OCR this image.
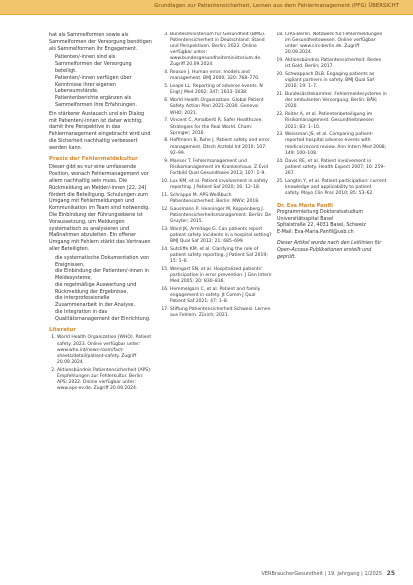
Grundlagen zur Patientensicherheit, Lernen aus dem Fehlermanagement (PFG) ÜBERSICHT

hat als Sammelformen sowie als Sammelformen der Versorgung benötigen als Sammelformen ihr Engagement.

• Patienten/-innen sind als Sammelformen der Versorgung beteiligt.
• Patienten/-innen verfügen über Kenntnisse ihrer eigenen Lebensumstände.
• Patientenberichte ergänzen als Sammelformen ihre Erfahrungen.

Ein stärkerer Austausch und ein Dialog mit Patienten/-innen ist daher wichtig, damit ihre Perspektive in das Fehlermanagement eingebracht wird und die Sicherheit nachhaltig verbessert werden kann.

Praxis der Fehlermeldekultur

Dieser gibt es nur eine umfassende Position, wonach Fehlermanagement vor allem nachhaltig sein muss. Die Rückmeldung an Melder/-innen [22, 24] fördert die Beteiligung. Schulungen zum Umgang mit Fehlermeldungen und Kommunikation im Team sind notwendig. Die Einbindung der Führungsebene ist Voraussetzung, um Meldungen systematisch zu analysieren und Maßnahmen abzuleiten. Ein offener Umgang mit Fehlern stärkt das Vertrauen aller Beteiligten.

• die systematische Dokumentation von Ereignissen,
• die Einbindung der Patienten/-innen in Meldesysteme,
• die regelmäßige Auswertung und Rückmeldung der Ergebnisse,
• die interprofessionelle Zusammenarbeit in der Analyse,
• die Integration in das Qualitätsmanagement der Einrichtung.
Literatur
1. World Health Organization (WHO). Patient safety. 2023. Online verfügbar unter: www.who.int/news-room/fact-sheets/detail/patient-safety. Zugriff 20.09.2024.
2. Aktionsbündnis Patientensicherheit (APS). Empfehlungen zur Fehlerkultur. Berlin: APS; 2022. Online verfügbar unter: www.aps-ev.de. Zugriff 20.09.2024.
3. Bundesministerium für Gesundheit (BMG). Patientensicherheit in Deutschland: Stand und Perspektiven. Berlin; 2022. Online verfügbar unter: www.bundesgesundheitsministerium.de. Zugriff 20.09.2024.
4. Reason J. Human error: models and management. BMJ 2000; 320: 768–770.
5. Leape LL. Reporting of adverse events. N Engl J Med 2002; 347: 1633–1638.
6. World Health Organization. Global Patient Safety Action Plan 2021–2030. Geneva: WHO; 2021.
7. Vincent C, Amalberti R. Safer Healthcare. Strategies for the Real World. Cham: Springer; 2016.
8. Hoffmann B, Rohe J. Patient safety and error management. Dtsch Arztebl Int 2010; 107: 92–99.
9. Manser T. Fehlermanagement und Risikomanagement im Krankenhaus. Z Evid Fortbild Qual Gesundhwes 2013; 107: 1–9.
10. Lux KM, et al. Patient involvement in safety reporting. J Patient Saf 2020; 16: 12–18.
11. Schrappe M. APS-Weißbuch Patientensicherheit. Berlin: MWV; 2018.
12. Gausmann P, Henninger M, Koppenberg J. Patientensicherheitsmanagement. Berlin: De Gruyter; 2015.
13. Ward JK, Armitage G. Can patients report patient safety incidents in a hospital setting? BMJ Qual Saf 2012; 21: 685–699.
14. Sutcliffe KM, et al. Clarifying the role of patient safety reporting. J Patient Saf 2019; 15: 1–6.
15. Weingart SN, et al. Hospitalized patients' participation in error prevention. J Gen Intern Med 2005; 20: 830–836.
16. Hemmelgarn C, et al. Patient and family engagement in safety. Jt Comm J Qual Patient Saf 2021; 47: 1–8.
17. Stiftung Patientensicherheit Schweiz. Lernen aus Fehlern. Zürich; 2021.
18. CIRS-Berlin. Netzwerk für Fehlermeldungen im Gesundheitswesen. Online verfügbar unter: www.cirs-berlin.de. Zugriff 20.09.2024.
19. Aktionsbündnis Patientensicherheit. Reden ist Gold. Berlin; 2017.
20. Schwappach DLB. Engaging patients as vigilant partners in safety. BMJ Qual Saf 2010; 19: 1–7.
21. Bundesärztekammer. Fehlermeldesysteme in der ambulanten Versorgung. Berlin: BÄK; 2020.
22. Reiter A, et al. Patientenbeteiligung im Risikomanagement. Gesundheitswesen 2021; 83: 1–10.
23. Weissman JS, et al. Comparing patient-reported hospital adverse events with medical record review. Ann Intern Med 2008; 149: 100–108.
24. Davis RE, et al. Patient involvement in patient safety. Health Expect 2007; 10: 259–267.
25. Longtin Y, et al. Patient participation: current knowledge and applicability to patient safety. Mayo Clin Proc 2010; 85: 53–62.
Dr. Eva Maria Panfil
Programmleitung Doktoratsstudium
Universitätsspital Basel
Spitalstraße 22, 4031 Basel, Schweiz
E-Mail: Eva-Maria.Panfil@usb.ch
Dieser Artikel wurde nach den Leitlinien für Open-Access-Publikationen erstellt und geprüft.
VERBraucherGesundheit | 19. Jahrgang | 1/2025 25
